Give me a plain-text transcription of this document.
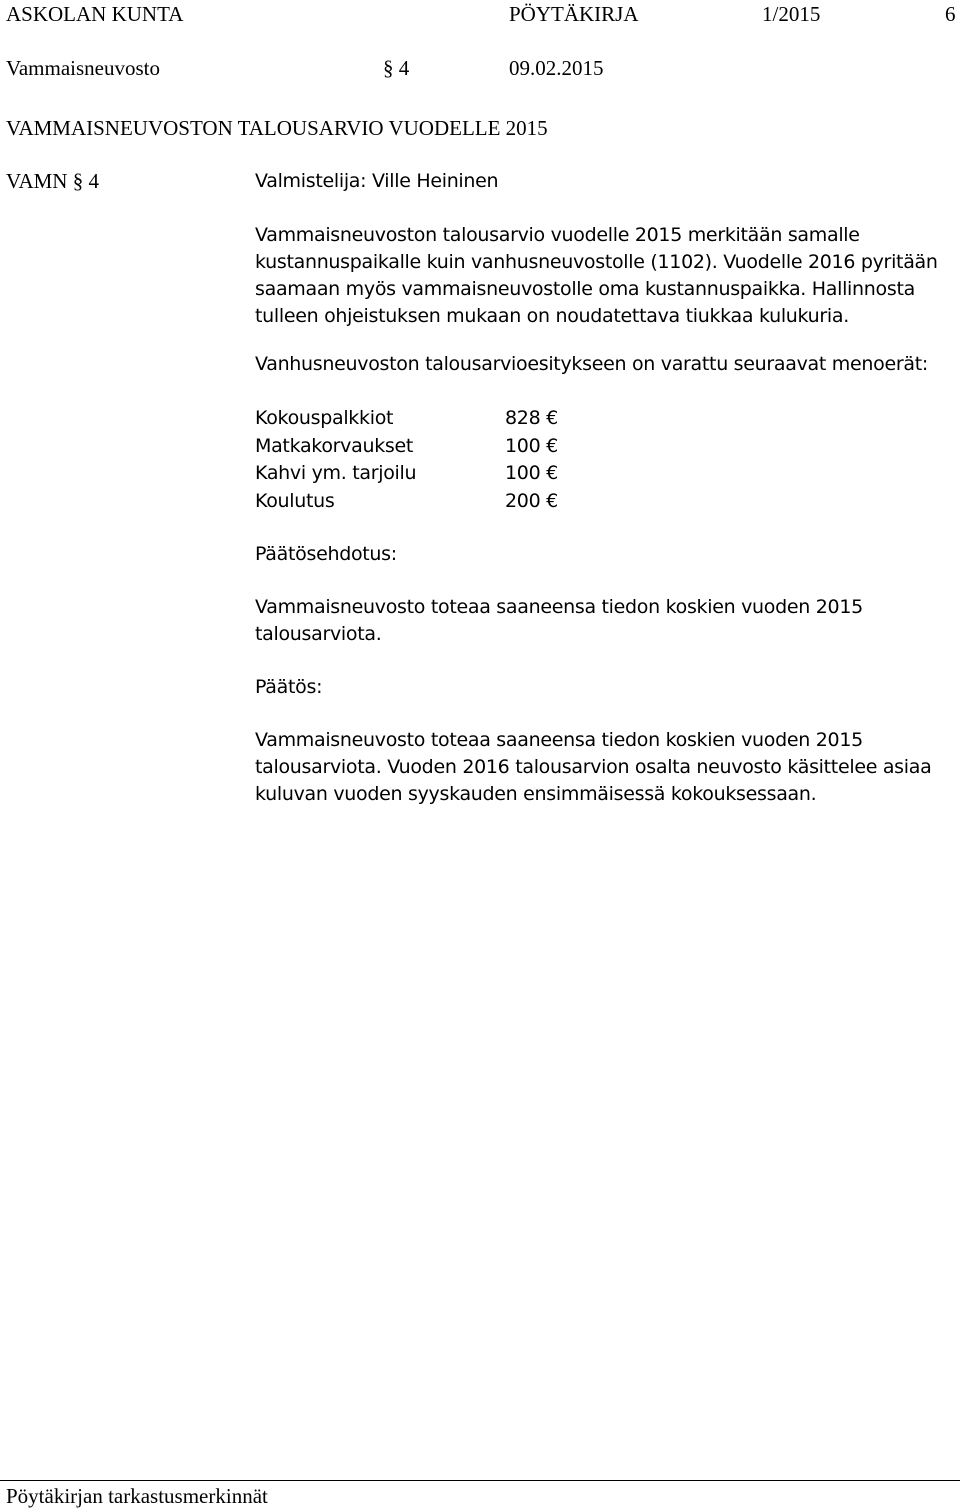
ASKOLAN KUNTA	PÖYTÄKIRJA	1/2015	6
Vammaisneuvosto	§ 4	09.02.2015
VAMMAISNEUVOSTON TALOUSARVIO VUODELLE 2015
VAMN § 4	Valmistelija: Ville Heininen

Vammaisneuvoston talousarvio vuodelle 2015 merkitään samalle kustannuspaikalle kuin vanhusneuvostolle (1102). Vuodelle 2016 pyritään saamaan myös vammaisneuvostolle oma kustannuspaikka. Hallinnosta tulleen ohjeistuksen mukaan on noudatettava tiukkaa kulukuria.

Vanhusneuvoston talousarvioesitykseen on varattu seuraavat menoerät:

Kokouspalkkiot	828 €
Matkakorvaukset	100 €
Kahvi ym. tarjoilu	100 €
Koulutus	200 €

Päätösehdotus:

Vammaisneuvosto toteaa saaneensa tiedon koskien vuoden 2015 talousarviota.

Päätös:

Vammaisneuvosto toteaa saaneensa tiedon koskien vuoden 2015 talousarviota. Vuoden 2016 talousarvion osalta neuvosto käsittelee asiaa kuluvan vuoden syyskauden ensimmäisessä kokouksessaan.

Pöytäkirjan tarkastusmerkinnät
